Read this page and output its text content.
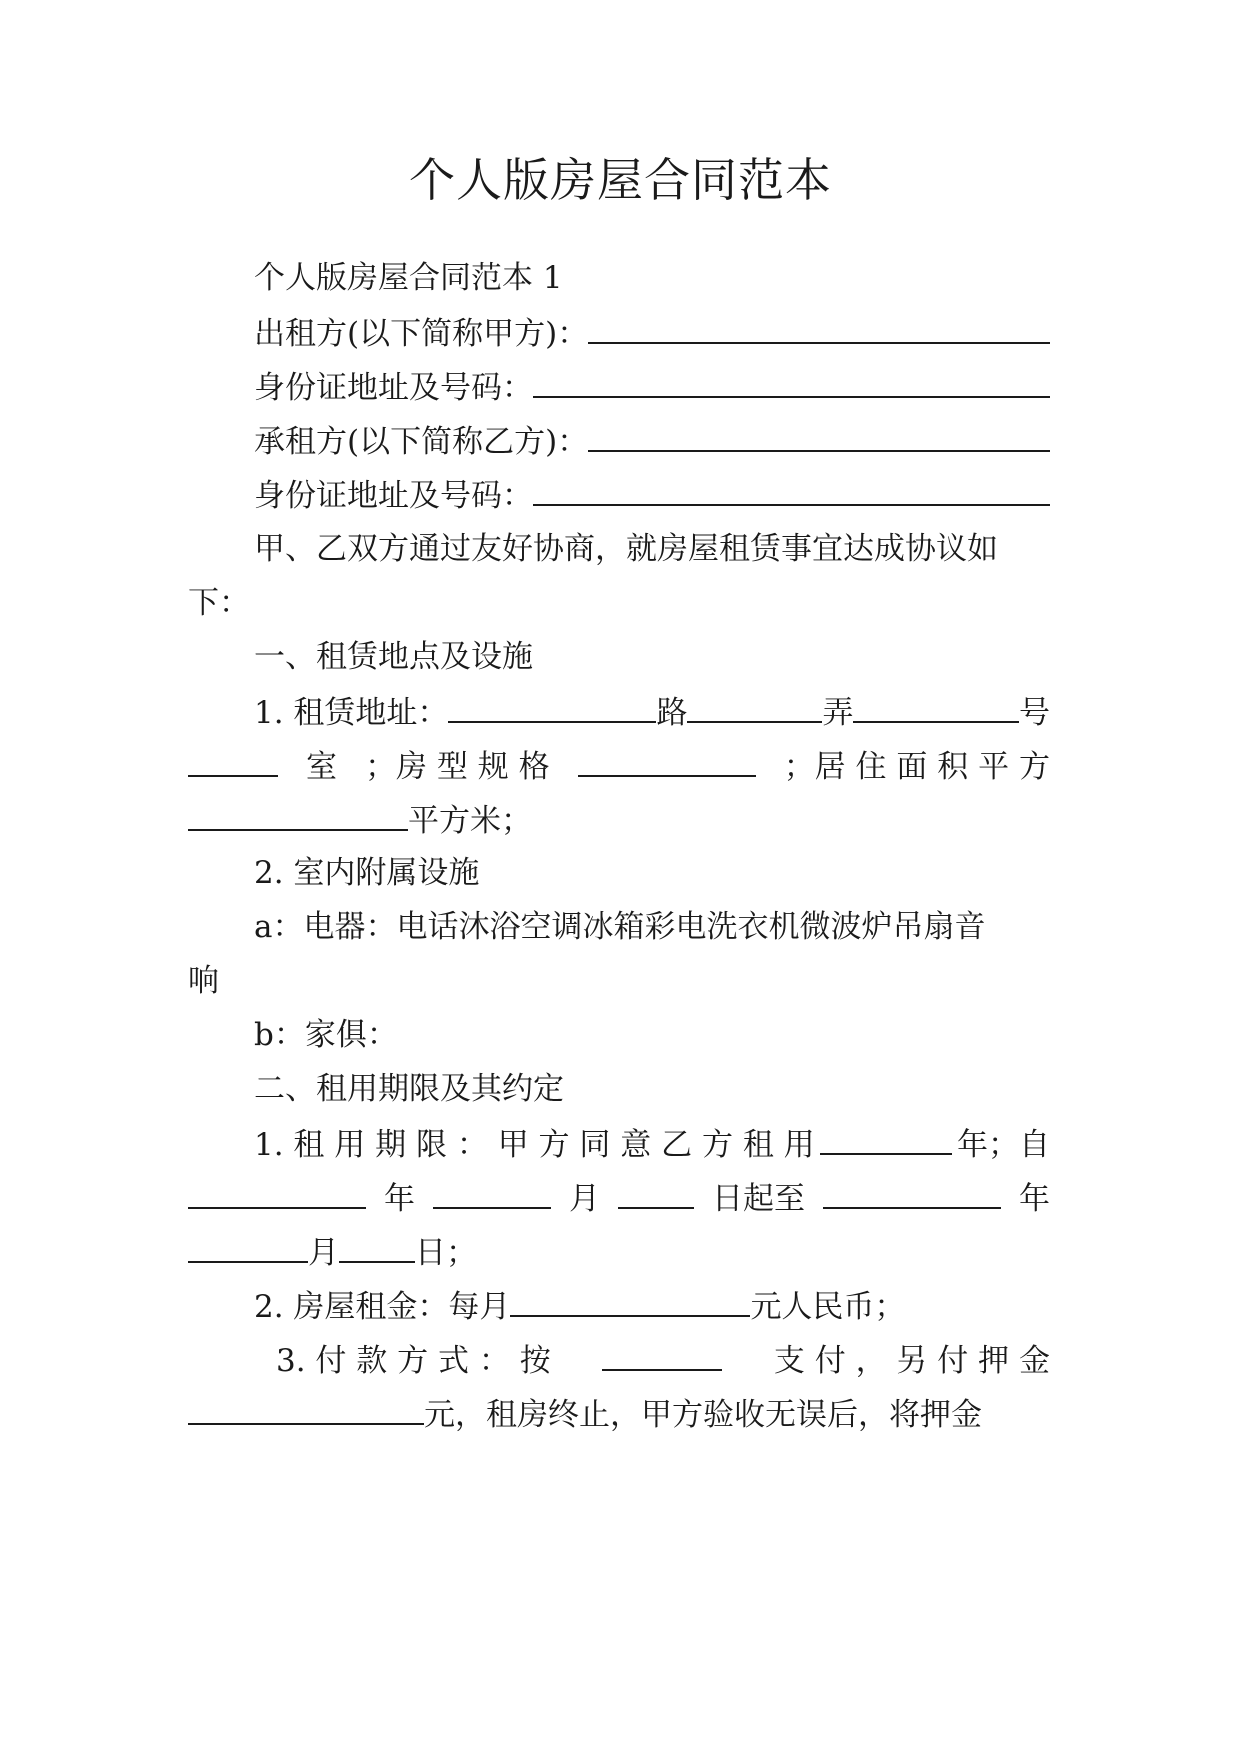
个人版房屋合同范本
个人版房屋合同范本 1
出租方(以下简称甲方)：
身份证地址及号码：
承租方(以下简称乙方)：
身份证地址及号码：
甲、乙双方通过友好协商，就房屋租赁事宜达成协议如
下：
一、租赁地点及设施
1. 租赁地址：	路	弄	号
室 ；房 型 规 格	；居 住 面 积 平 方
平方米；
2. 室内附属设施
a：电器：电话沐浴空调冰箱彩电洗衣机微波炉吊扇音
响
b：家俱：
二、租用期限及其约定
1. 租 用 期 限 ： 甲 方 同 意 乙 方 租 用	年；自
年	月	日起至	年
月 日；
2. 房屋租金：每月	元人民币；
3. 付 款 方 式 ： 按	支 付 ， 另 付 押 金
元，租房终止，甲方验收无误后，将押金
